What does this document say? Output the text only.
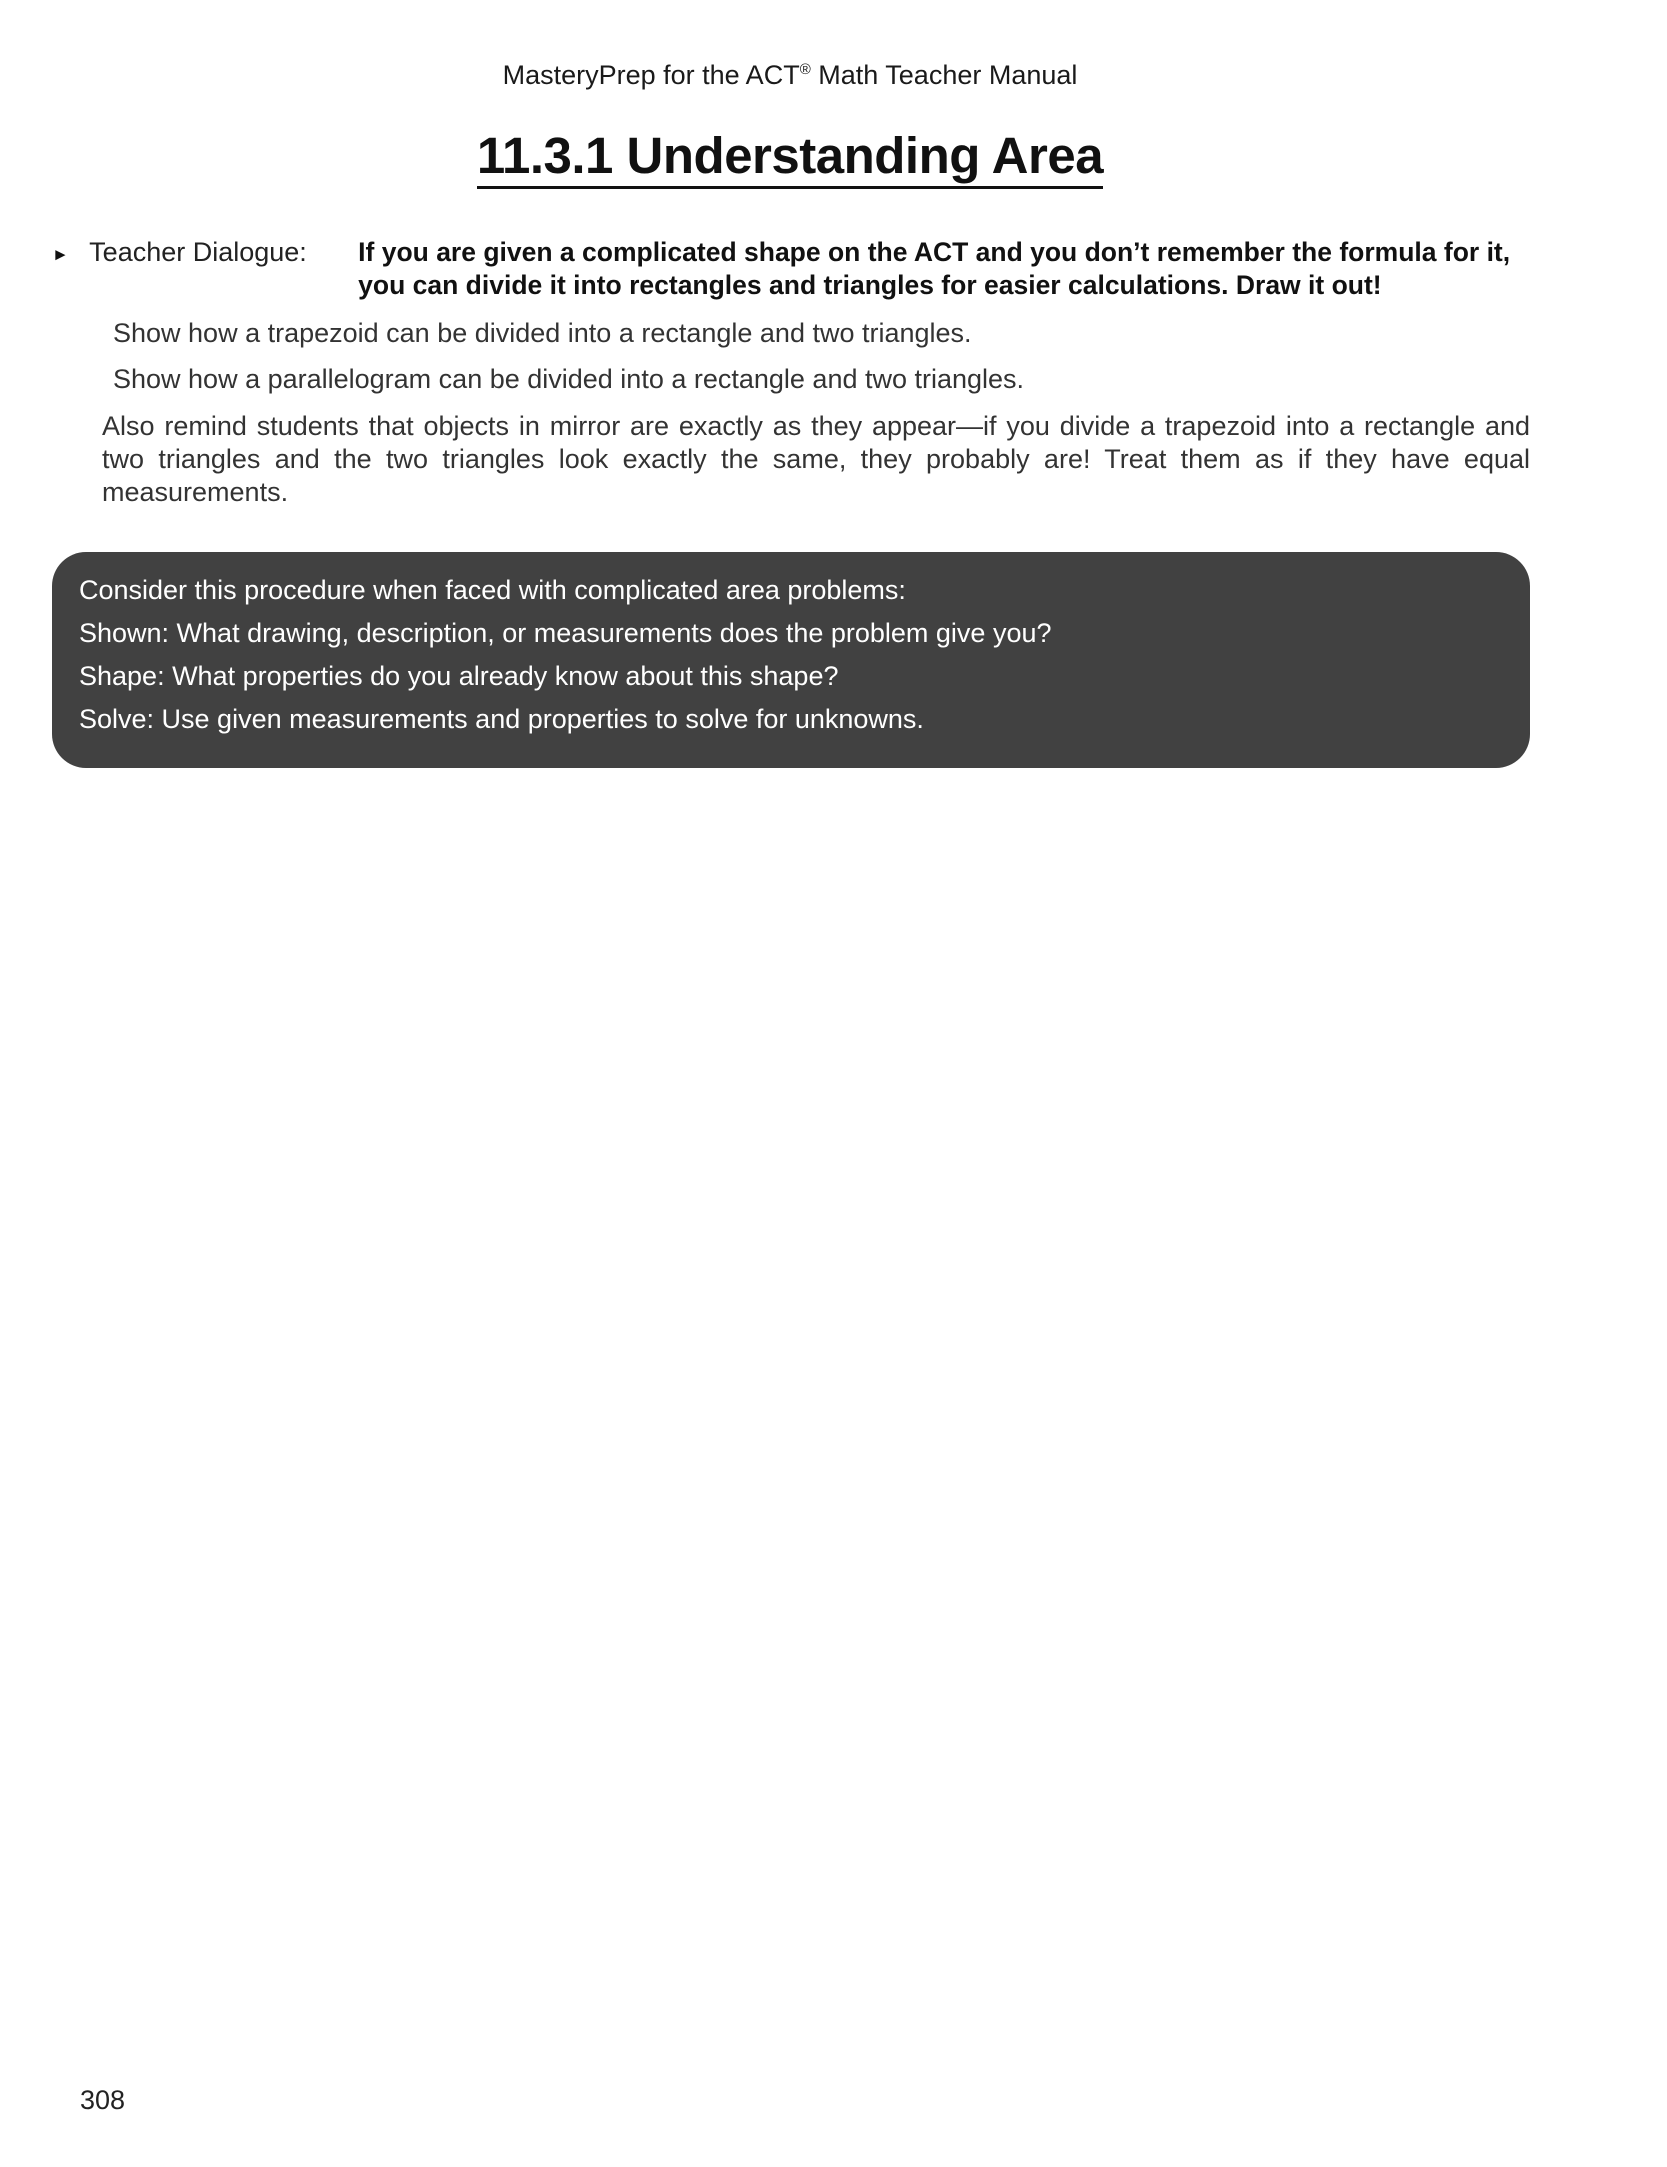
MasteryPrep for the ACT® Math Teacher Manual
11.3.1 Understanding Area
► Teacher Dialogue:	If you are given a complicated shape on the ACT and you don’t remember the formula for it, you can divide it into rectangles and triangles for easier calculations. Draw it out!
Show how a trapezoid can be divided into a rectangle and two triangles.
Show how a parallelogram can be divided into a rectangle and two triangles.
Also remind students that objects in mirror are exactly as they appear—if you divide a trapezoid into a rectangle and two triangles and the two triangles look exactly the same, they probably are! Treat them as if they have equal measurements.
Consider this procedure when faced with complicated area problems:
Shown: What drawing, description, or measurements does the problem give you?
Shape: What properties do you already know about this shape?
Solve: Use given measurements and properties to solve for unknowns.
308
